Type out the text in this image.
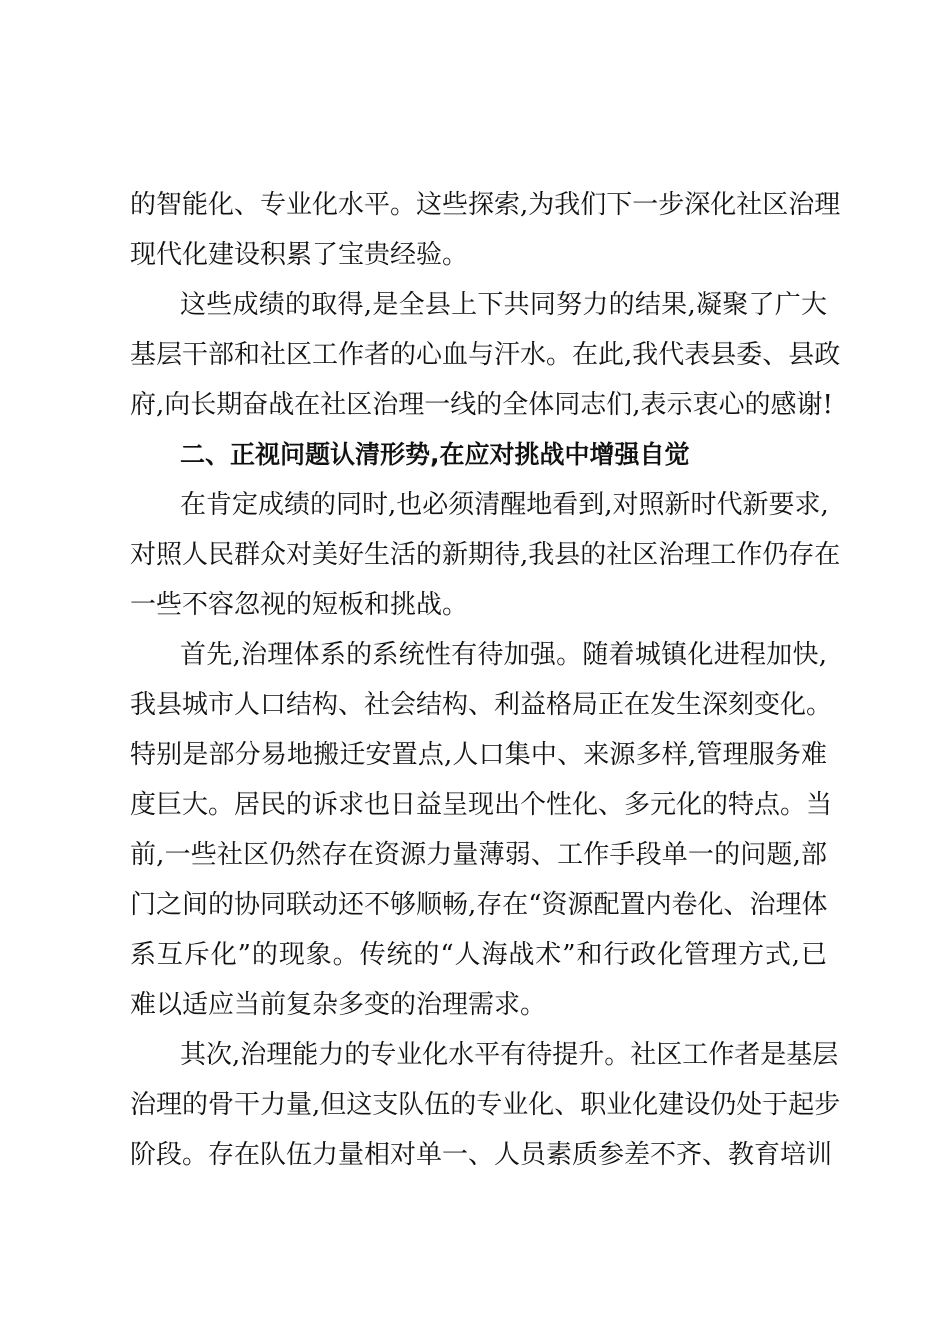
的智能化、专业化水平。这些探索,为我们下一步深化社区治理
现代化建设积累了宝贵经验。
这些成绩的取得,是全县上下共同努力的结果,凝聚了广大
基层干部和社区工作者的心血与汗水。在此,我代表县委、县政
府,向长期奋战在社区治理一线的全体同志们,表示衷心的感谢!
二、正视问题认清形势,在应对挑战中增强自觉
在肯定成绩的同时,也必须清醒地看到,对照新时代新要求,
对照人民群众对美好生活的新期待,我县的社区治理工作仍存在
一些不容忽视的短板和挑战。
首先,治理体系的系统性有待加强。随着城镇化进程加快,
我县城市人口结构、社会结构、利益格局正在发生深刻变化。
特别是部分易地搬迁安置点,人口集中、来源多样,管理服务难
度巨大。居民的诉求也日益呈现出个性化、多元化的特点。当
前,一些社区仍然存在资源力量薄弱、工作手段单一的问题,部
门之间的协同联动还不够顺畅,存在“资源配置内卷化、治理体
系互斥化”的现象。传统的“人海战术”和行政化管理方式,已
难以适应当前复杂多变的治理需求。
其次,治理能力的专业化水平有待提升。社区工作者是基层
治理的骨干力量,但这支队伍的专业化、职业化建设仍处于起步
阶段。存在队伍力量相对单一、人员素质参差不齐、教育培训
